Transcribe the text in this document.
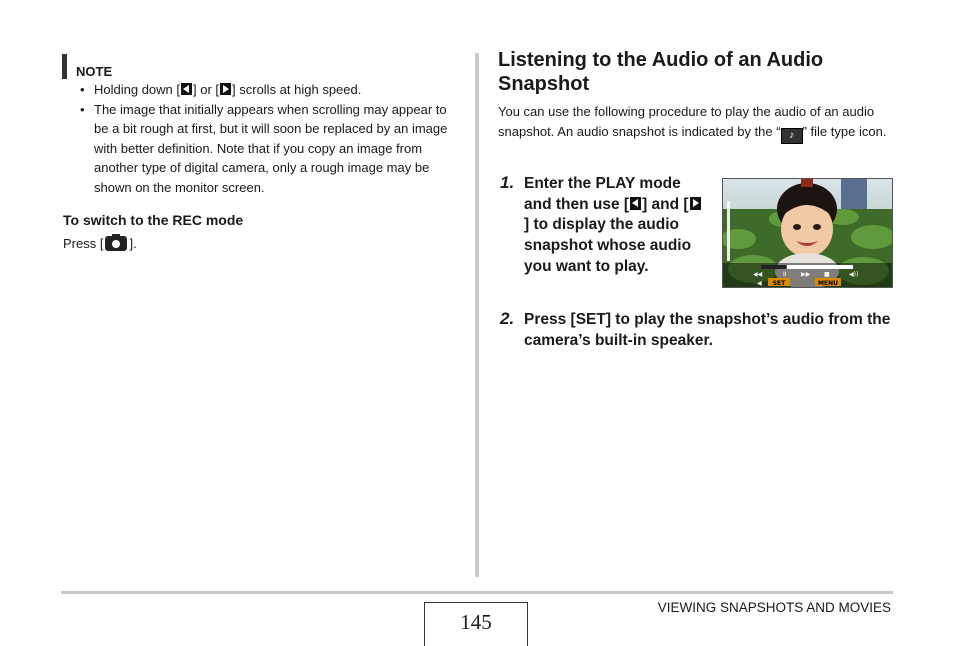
NOTE
• Holding down [ ] or [ ] scrolls at high speed.
• The image that initially appears when scrolling may appear to be a bit rough at first, but it will soon be replaced by an image with better definition. Note that if you copy an image from another type of digital camera, only a rough image may be shown on the monitor screen.
To switch to the REC mode
Press [ ].
Listening to the Audio of an Audio Snapshot
You can use the following procedure to play the audio of an audio snapshot. An audio snapshot is indicated by the “ ♪ ” file type icon.
1. Enter the PLAY mode and then use [ ] and [] to display the audio snapshot whose audio you want to play.	◀◀	II ▶▶ ■	◀))
◀ SET	MENU
2. Press [SET] to play the snapshot’s audio from the camera’s built-in speaker.
145
VIEWING SNAPSHOTS AND MOVIES
